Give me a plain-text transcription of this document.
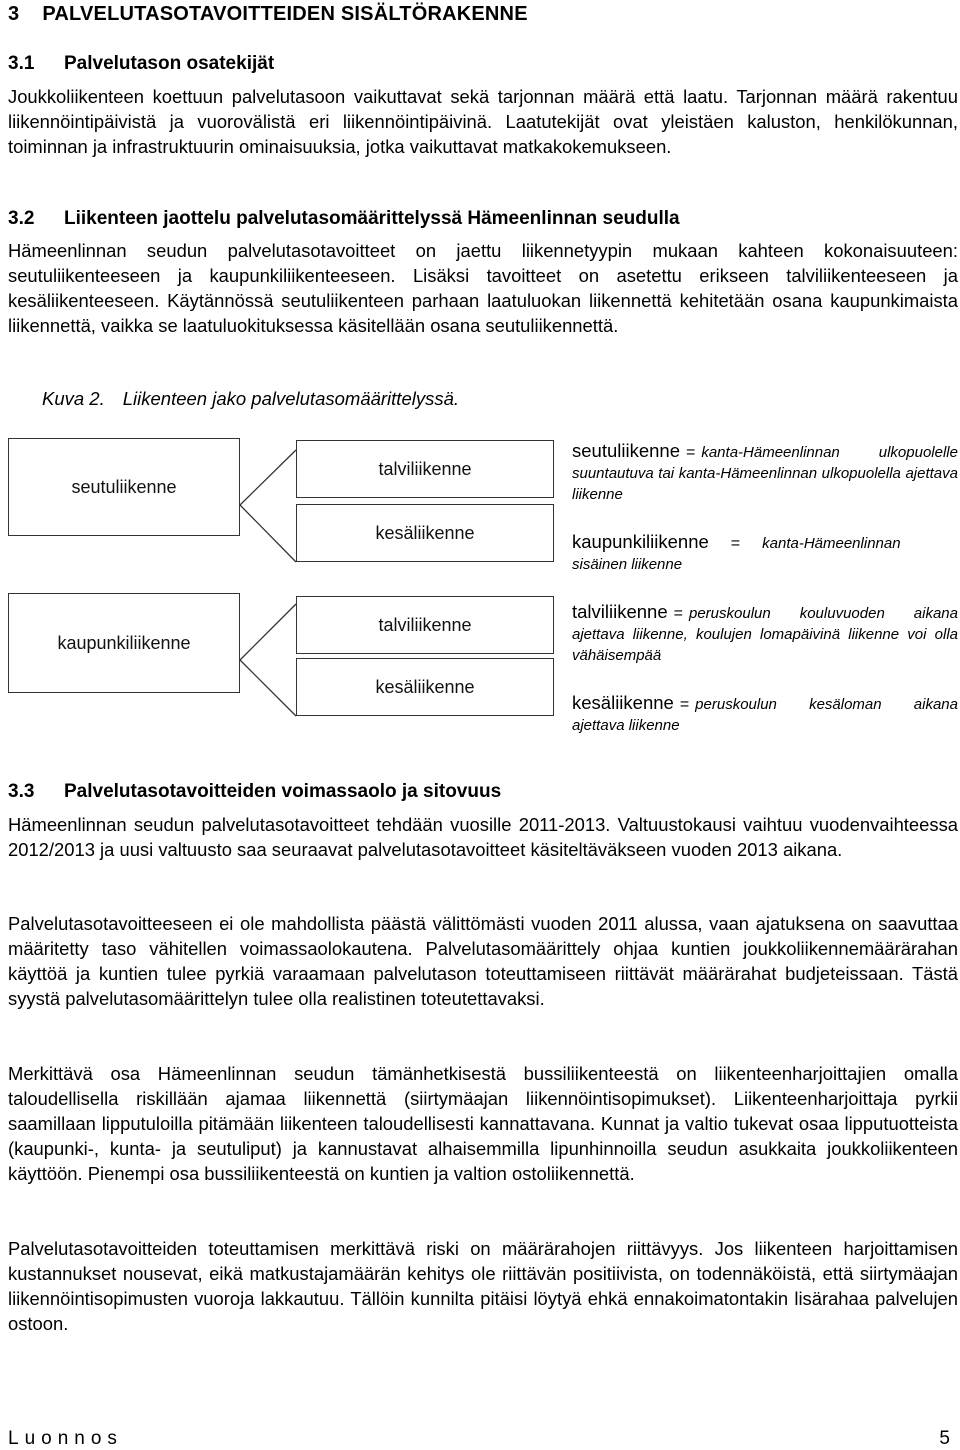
3 PALVELUTASOTAVOITTEIDEN SISÄLTÖRAKENNE
3.1 Palvelutason osatekijät

Joukkoliikenteen koettuun palvelutasoon vaikuttavat sekä tarjonnan määrä että laatu. Tarjonnan määrä rakentuu liikennöintipäivistä ja vuorovälistä eri liikennöintipäivinä. Laatutekijät ovat yleistäen kaluston, henkilökunnan, toiminnan ja infrastruktuurin ominaisuuksia, jotka vaikuttavat matkakokemukseen.

3.2 Liikenteen jaottelu palvelutasomäärittelyssä Hämeenlinnan seudulla

Hämeenlinnan seudun palvelutasotavoitteet on jaettu liikennetyypin mukaan kahteen kokonaisuuteen: seutuliikenteeseen ja kaupunkiliikenteeseen. Lisäksi tavoitteet on asetettu erikseen talviliikenteeseen ja kesäliikenteeseen. Käytännössä seutuliikenteen parhaan laatuluokan liikennettä kehitetään osana kaupunkimaista liikennettä, vaikka se laatuluokituksessa käsitellään osana seutuliikennettä.

Kuva 2. Liikenteen jako palvelutasomäärittelyssä.
seutuliikenne
talviliikenne
kesäliikenne
kaupunkiliikenne
talviliikenne
kesäliikenne

seutuliikenne = kanta-Hämeenlinnan ulkopuolelle suuntautuva tai kanta-Hämeenlinnan ulkopuolella ajettava liikenne

kaupunkiliikenne = kanta-Hämeenlinnan sisäinen liikenne

talviliikenne = peruskoulun kouluvuoden aikana ajettava liikenne, koulujen lomapäivinä liikenne voi olla vähäisempää

kesäliikenne = peruskoulun kesäloman aikana ajettava liikenne

3.3 Palvelutasotavoitteiden voimassaolo ja sitovuus

Hämeenlinnan seudun palvelutasotavoitteet tehdään vuosille 2011-2013. Valtuustokausi vaihtuu vuodenvaihteessa 2012/2013 ja uusi valtuusto saa seuraavat palvelutasotavoitteet käsiteltäväkseen vuoden 2013 aikana.

Palvelutasotavoitteeseen ei ole mahdollista päästä välittömästi vuoden 2011 alussa, vaan ajatuksena on saavuttaa määritetty taso vähitellen voimassaolokautena. Palvelutasomäärittely ohjaa kuntien joukkoliikennemäärärahan käyttöä ja kuntien tulee pyrkiä varaamaan palvelutason toteuttamiseen riittävät määrärahat budjeteissaan. Tästä syystä palvelutasomäärittelyn tulee olla realistinen toteutettavaksi.

Merkittävä osa Hämeenlinnan seudun tämänhetkisestä bussiliikenteestä on liikenteenharjoittajien omalla taloudellisella riskillään ajamaa liikennettä (siirtymäajan liikennöintisopimukset). Liikenteenharjoittaja pyrkii saamillaan lipputuloilla pitämään liikenteen taloudellisesti kannattavana. Kunnat ja valtio tukevat osaa lipputuotteista (kaupunki-, kunta- ja seutuliput) ja kannustavat alhaisemmilla lipunhinnoilla seudun asukkaita joukkoliikenteen käyttöön. Pienempi osa bussiliikenteestä on kuntien ja valtion ostoliikennettä.

Palvelutasotavoitteiden toteuttamisen merkittävä riski on määrärahojen riittävyys. Jos liikenteen harjoittamisen kustannukset nousevat, eikä matkustajamäärän kehitys ole riittävän positiivista, on todennäköistä, että siirtymäajan liikennöintisopimusten vuoroja lakkautuu. Tällöin kunnilta pitäisi löytyä ehkä ennakoimatontakin lisärahaa palvelujen ostoon.

Luonnos	5
